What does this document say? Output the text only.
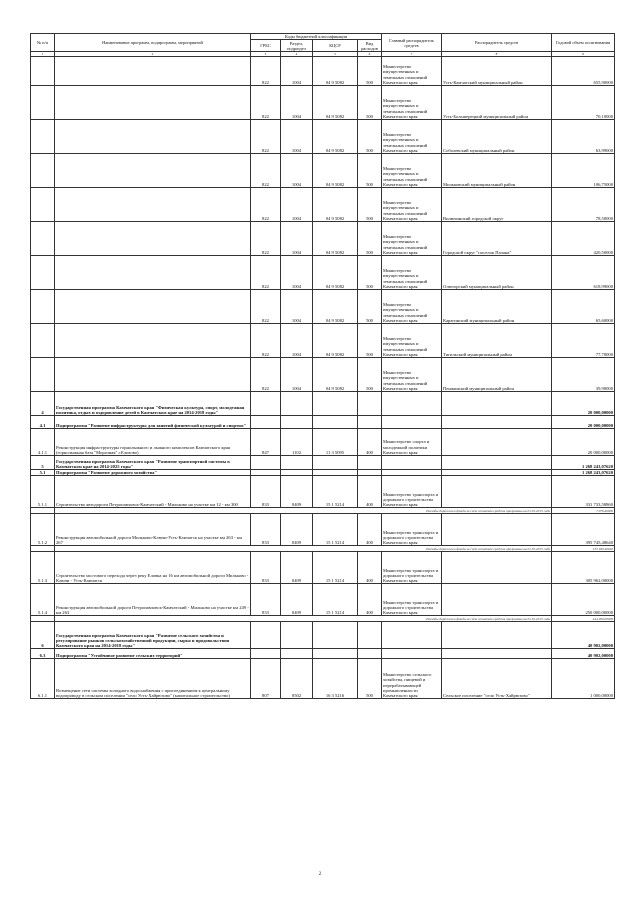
№ п/п	Наименование программ, подпрограмм, мероприятий	Коды бюджетной классификации				Главный распорядитель средств	Распорядитель средств	Годовой объем ассигнования
		ГРБС	Раздел, подраздел	КЦСР	Вид расходов			
1	2	3	4	5	6	7	8	9
		822	1004	04 9 5082	500	Министерство имущественных и земельных отношений Камчатского края	Усть-Камчатский муниципальный район	655,90000
		822	1004	04 9 5082	500	Министерство имущественных и земельных отношений Камчатского края	Усть-Большерецкий муниципальный район	70,10000
		822	1004	04 9 5082	500	Министерство имущественных и земельных отношений Камчатского края	Соболевский муниципальный район	63,99000
		822	1004	04 9 5082	500	Министерство имущественных и земельных отношений Камчатского края	Мильковский муниципальный район	106,75000
		822	1004	04 9 5082	500	Министерство имущественных и земельных отношений Камчатского края	Вилючинский городской округ	78,50000
		822	1004	04 9 5082	500	Министерство имущественных и земельных отношений Камчатского края	Городской округ "поселок Палана"	420,50000
		822	1004	04 9 5082	500	Министерство имущественных и земельных отношений Камчатского края	Олюторский муниципальный район	618,99000
		822	1004	04 9 5082	500	Министерство имущественных и земельных отношений Камчатского края	Карагинский муниципальный район	65,60000
		822	1004	04 9 5082	500	Министерство имущественных и земельных отношений Камчатского края	Тигильский муниципальный район	77,70000
		822	1004	04 9 5082	500	Министерство имущественных и земельных отношений Камчатского края	Пенжинский муниципальный район	39,90000
4	Государственная программа Камчатского края "Физическая культура, спорт, молодежная политика, отдых и оздоровление детей в Камчатском крае на 2014-2018 годы"							20 000,00000
4.1	Подпрограмма "Развитие инфраструктуры для занятий физической культурой и спортом"							20 000,00000
4.1.1	Реконструкция инфраструктуры горнолыжного и лыжного комплексов Камчатского края (горнолыжная база "Морозная" г.Елизово)	847	1102	11 3 5095	400	Министерство спорта и молодежной политики Камчатского края		20 000,00000
5	Государственная программа Камчатского края "Развитие транспортной системы в Камчатском крае на 2014-2025 годы"							1 268 243,07620
5.1	Подпрограмма "Развитие дорожного хозяйства"							1 268 243,07620
5.1.1	Строительство автодороги Петропавловск-Камчатский - Мильково на участке км 12 - км 300	833	0409	15 1 5214	400	Министерство транспорта и дорожного строительства Камчатского края		331 733,58860
	Расходы дорожного фонда за счет остатков средств программы на 01.01.2015 года							7 076,40000
5.1.2	Реконструкция автомобильной дороги Мильково-Ключи-Усть-Камчатск на участке км 263 - км 267	833	0409	15 1 5214	400	Министерство транспорта и дорожного строительства Камчатского края		395 745,48640
	Расходы дорожного фонда за счет остатков средств программы на 01.01.2015 года							133 180,46040
5.1.3	Строительство мостового перехода через реку Еловка на 16 км автомобильной дороги Мильково - Ключи - Усть-Камчатск	833	0409	15 1 5214	400	Министерство транспорта и дорожного строительства Камчатского края		305 962,00000
5.1.4	Реконструкция автомобильной дороги Петропавловск-Камчатский - Мильково на участке км 249 - км 263	833	0409	15 1 5214	400	Министерство транспорта и дорожного строительства Камчатского края		250 000,00000
	Расходы дорожного фонда за счет остатков средств программы на 01.01.2015 года							444 000,00000
6	Государственная программа Камчатского края "Развитие сельского хозяйства и регулирование рынков сельскохозяйственной продукции, сырья и продовольствия Камчатского края на 2014-2018 годы"							40 902,00000
6.3	Подпрограмма "Устойчивое развитие сельских территорий"							40 902,00000
6.1.1	Возмещение сети системы холодного водоснабжения с присоединением к центральному водопроводу в сельском поселении "село Усть-Хайрюзово" (капитальное строительство)	807	0502	16 3 5216	500	Министерство сельского хозяйства, пищевой и перерабатывающей промышленности Камчатского края	Сельское поселение "село Усть-Хайрюзово"	1 000,00000
2
